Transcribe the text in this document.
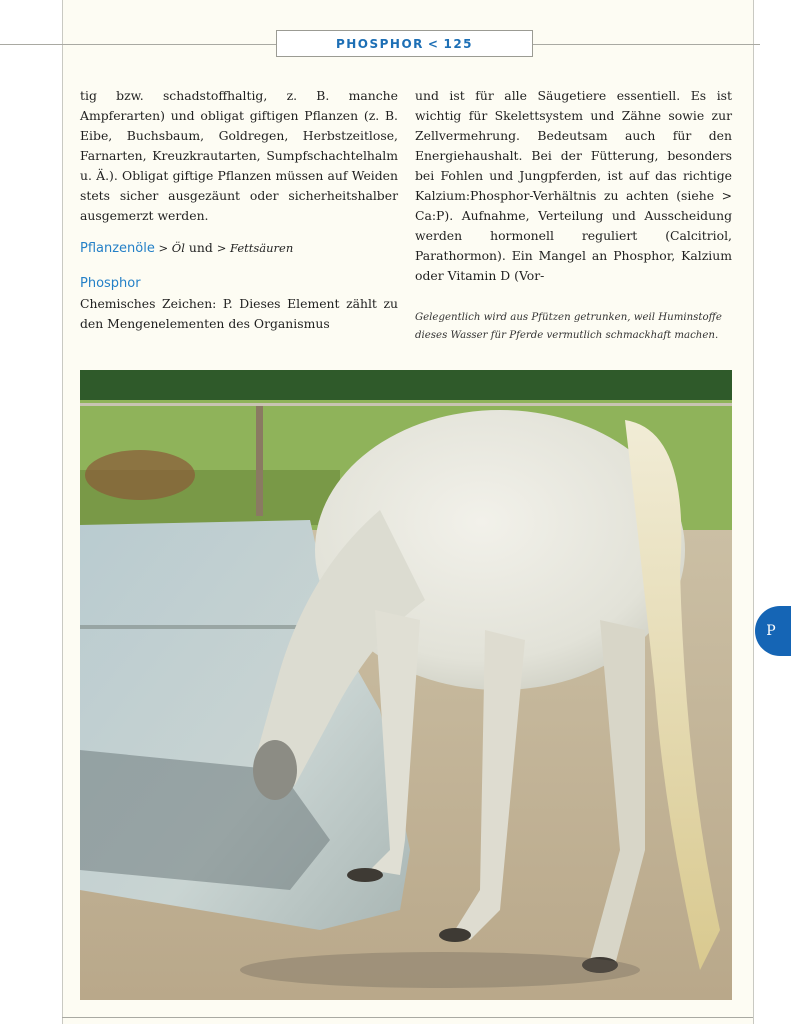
PHOSPHOR < 125

tig bzw. schadstoffhaltig, z. B. manche Ampferarten) und obligat giftigen Pflanzen (z. B. Eibe, Buchsbaum, Goldregen, Herbstzeitlose, Farnarten, Kreuzkrautarten, Sumpfschachtelhalm u. Ä.). Obligat giftige Pflanzen müssen auf Weiden stets sicher ausgezäunt oder sicherheitshalber ausgemerzt werden.

Pflanzenöle > Öl und > Fettsäuren

Phosphor

Chemisches Zeichen: P. Dieses Element zählt zu den Mengenelementen des Organismus

und ist für alle Säugetiere essentiell. Es ist wichtig für Skelettsystem und Zähne sowie zur Zellvermehrung. Bedeutsam auch für den Energiehaushalt. Bei der Fütterung, besonders bei Fohlen und Jungpferden, ist auf das richtige Kalzium:Phosphor-Verhältnis zu achten (siehe > Ca:P). Aufnahme, Verteilung und Ausscheidung werden hormonell reguliert (Calcitriol, Parathormon). Ein Mangel an Phosphor, Kalzium oder Vitamin D (Vor-

Gelegentlich wird aus Pfützen getrunken, weil Huminstoffe dieses Wasser für Pferde vermutlich schmackhaft machen.
P
